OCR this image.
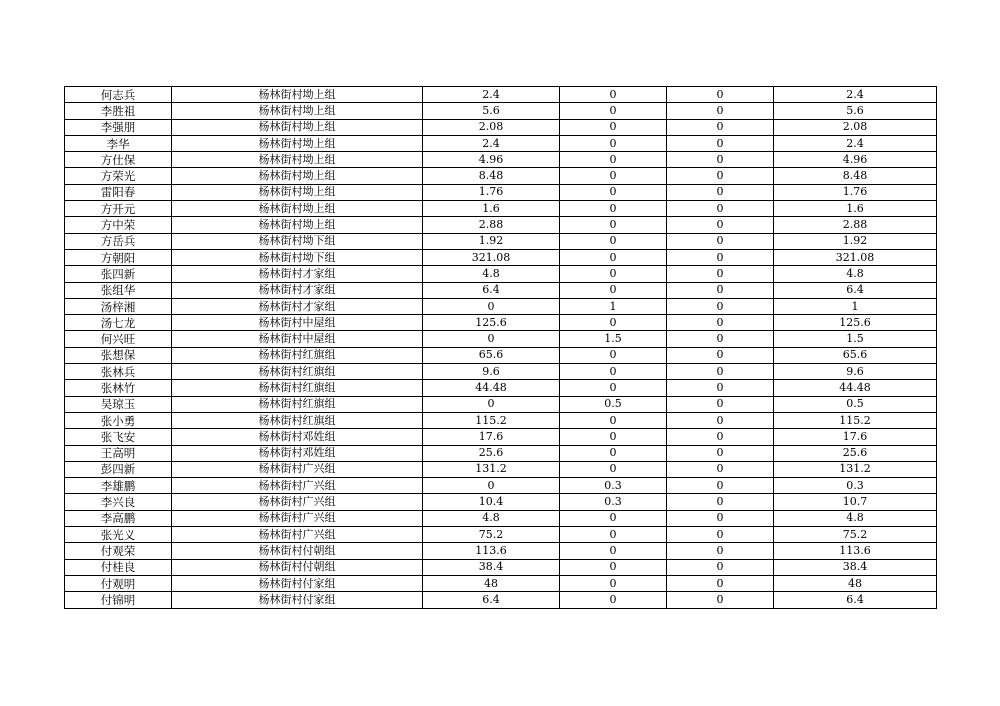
何志兵	杨林街村坳上组	2.4	0	0	2.4
李胜祖	杨林街村坳上组	5.6	0	0	5.6
李强朋	杨林街村坳上组	2.08	0	0	2.08
李华	杨林街村坳上组	2.4	0	0	2.4
方仕保	杨林街村坳上组	4.96	0	0	4.96
方荣光	杨林街村坳上组	8.48	0	0	8.48
雷阳春	杨林街村坳上组	1.76	0	0	1.76
方开元	杨林街村坳上组	1.6	0	0	1.6
方中荣	杨林街村坳上组	2.88	0	0	2.88
方岳兵	杨林街村坳下组	1.92	0	0	1.92
方朝阳	杨林街村坳下组	321.08	0	0	321.08
张四新	杨林街村才家组	4.8	0	0	4.8
张组华	杨林街村才家组	6.4	0	0	6.4
汤梓湘	杨林街村才家组	0	1	0	1
汤七龙	杨林街村中屋组	125.6	0	0	125.6
何兴旺	杨林街村中屋组	0	1.5	0	1.5
张想保	杨林街村红旗组	65.6	0	0	65.6
张林兵	杨林街村红旗组	9.6	0	0	9.6
张林竹	杨林街村红旗组	44.48	0	0	44.48
吴琼玉	杨林街村红旗组	0	0.5	0	0.5
张小勇	杨林街村红旗组	115.2	0	0	115.2
张飞安	杨林街村邓姓组	17.6	0	0	17.6
王高明	杨林街村邓姓组	25.6	0	0	25.6
彭四新	杨林街村广兴组	131.2	0	0	131.2
李雄鹏	杨林街村广兴组	0	0.3	0	0.3
李兴良	杨林街村广兴组	10.4	0.3	0	10.7
李高鹏	杨林街村广兴组	4.8	0	0	4.8
张光义	杨林街村广兴组	75.2	0	0	75.2
付观荣	杨林街村付朝组	113.6	0	0	113.6
付桂良	杨林街村付朝组	38.4	0	0	38.4
付观明	杨林街村付家组	48	0	0	48
付锦明	杨林街村付家组	6.4	0	0	6.4
